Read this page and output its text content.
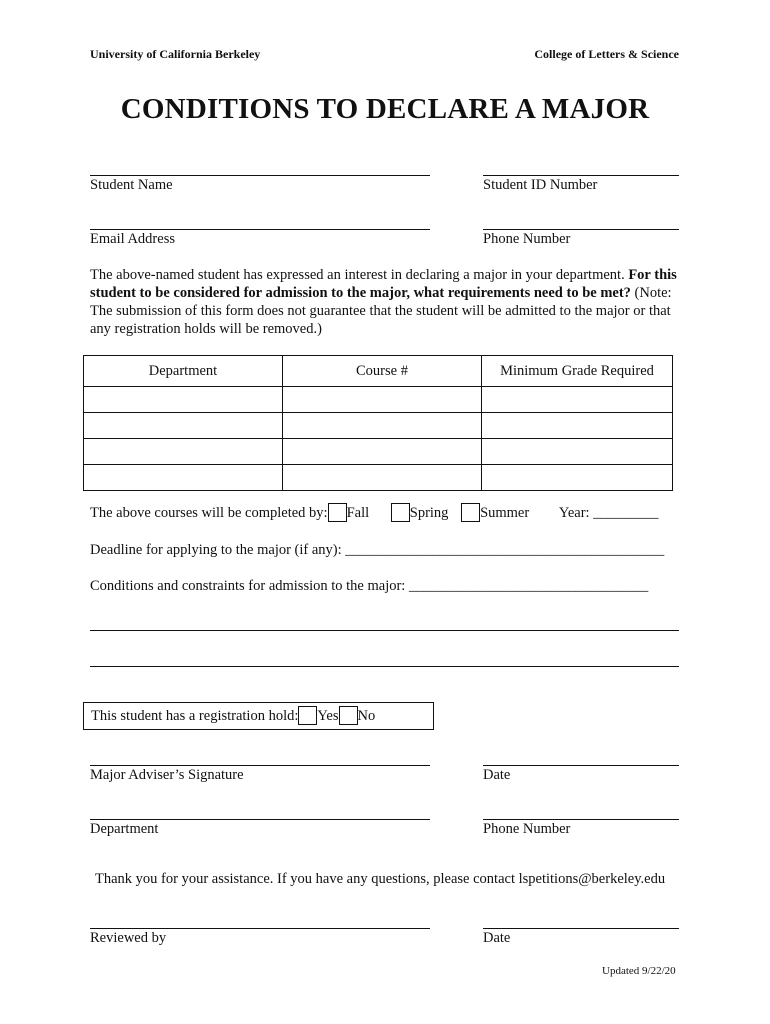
University of California Berkeley	College of Letters & Science
CONDITIONS TO DECLARE A MAJOR
Student Name	Student ID Number
Email Address	Phone Number
The above-named student has expressed an interest in declaring a major in your department. For this student to be considered for admission to the major, what requirements need to be met? (Note: The submission of this form does not guarantee that the student will be admitted to the major or that any registration holds will be removed.)
Department	Course #	Minimum Grade Required

The above courses will be completed by: Fall	Spring Summer Year: _________
Deadline for applying to the major (if any): ____________________________________________
Conditions and constraints for admission to the major: _________________________________
This student has a registration hold: Yes No
Major Adviser’s Signature	Date
Department	Phone Number
Thank you for your assistance. If you have any questions, please contact lspetitions@berkeley.edu
Reviewed by	Date
Updated 9/22/20
